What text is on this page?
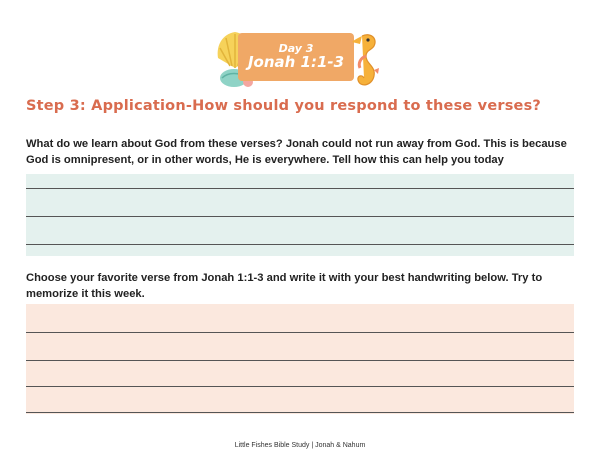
Day 3
Jonah 1:1-3
Step 3: Application-How should you respond to these verses?
What do we learn about God from these verses? Jonah could not run away from God. This is because God is omnipresent, or in other words, He is everywhere. Tell how this can help you today
Choose your favorite verse from Jonah 1:1-3 and write it with your best handwriting below. Try to memorize it this week.
Little Fishes Bible Study | Jonah & Nahum
